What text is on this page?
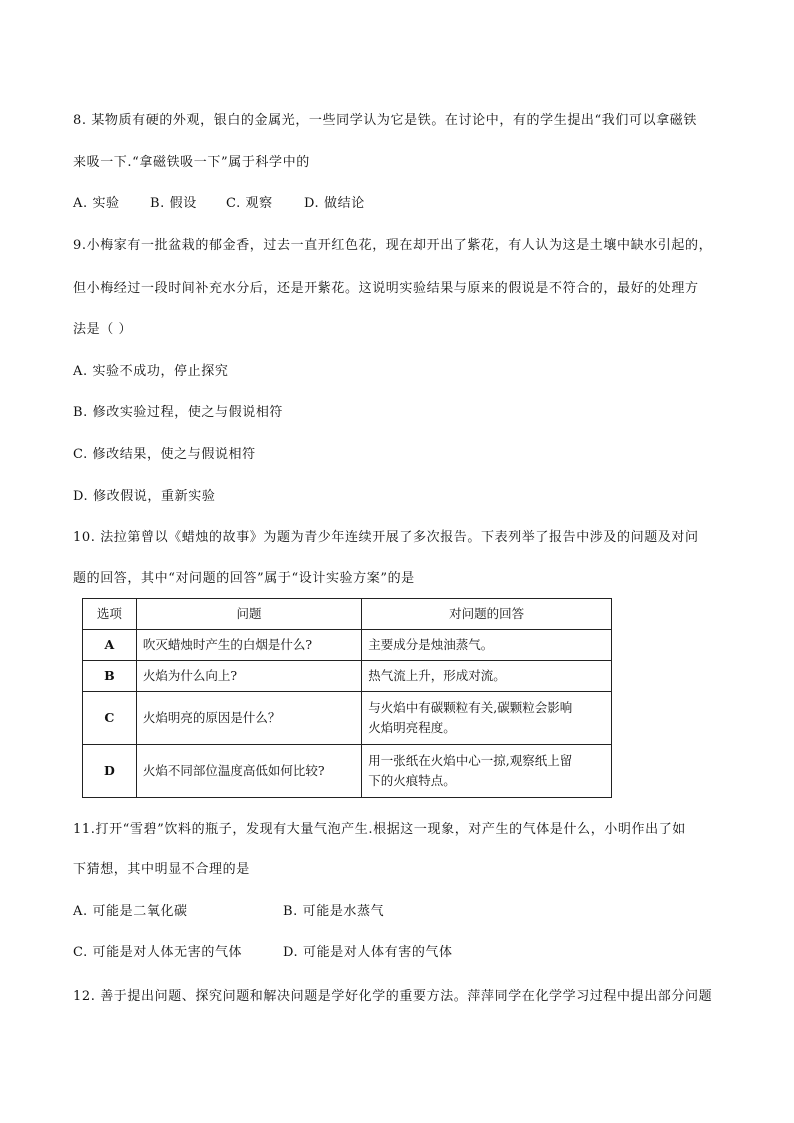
8. 某物质有硬的外观，银白的金属光，一些同学认为它是铁。在讨论中，有的学生提出“我们可以拿磁铁
来吸一下.“拿磁铁吸一下”属于科学中的
A. 实验 B. 假设 C. 观察 D. 做结论
9.小梅家有一批盆栽的郁金香，过去一直开红色花，现在却开出了紫花，有人认为这是土壤中缺水引起的，
但小梅经过一段时间补充水分后，还是开紫花。这说明实验结果与原来的假说是不符合的，最好的处理方
法是（ ）
A. 实验不成功，停止探究
B. 修改实验过程，使之与假说相符
C. 修改结果，使之与假说相符
D. 修改假说，重新实验
10. 法拉第曾以《蜡烛的故事》为题为青少年连续开展了多次报告。下表列举了报告中涉及的问题及对问
题的回答，其中“对问题的回答”属于“设计实验方案”的是
选项	问题	对问题的回答
A	吹灭蜡烛时产生的白烟是什么?	主要成分是烛油蒸气。
B	火焰为什么向上?	热气流上升，形成对流。
C	火焰明亮的原因是什么？	与火焰中有碳颗粒有关,碳颗粒会影响
火焰明亮程度。

D	火焰不同部位温度高低如何比较?	用一张纸在火焰中心一掠,观察纸上留
下的火痕特点。
11.打开“雪碧”饮料的瓶子，发现有大量气泡产生.根据这一现象，对产生的气体是什么，小明作出了如
下猜想，其中明显不合理的是
A. 可能是二氧化碳	B. 可能是水蒸气
C. 可能是对人体无害的气体	D. 可能是对人体有害的气体
12. 善于提出问题、探究问题和解决问题是学好化学的重要方法。萍萍同学在化学学习过程中提出部分问题
